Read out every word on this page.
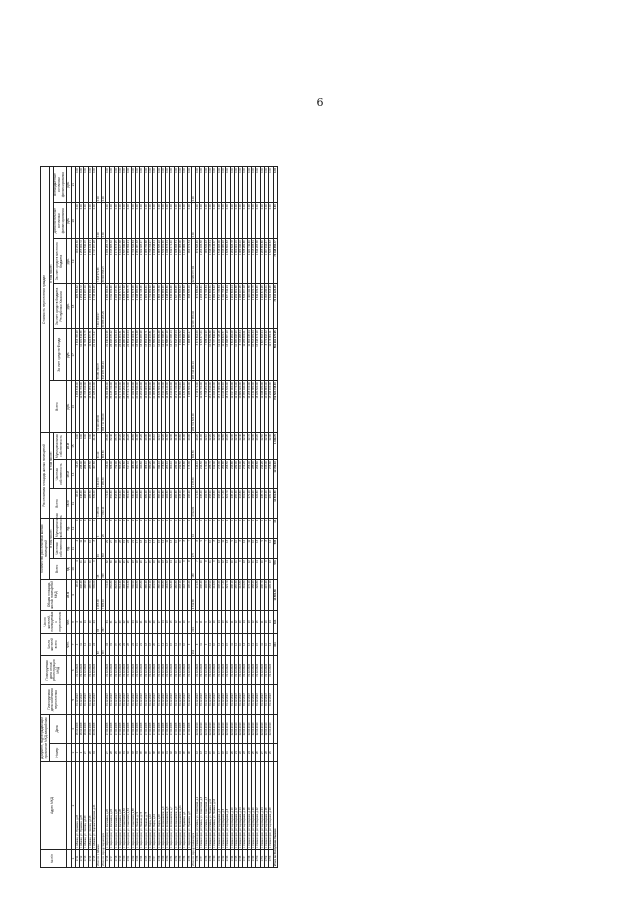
6
№ п/п	Адрес МКД	Документ, подтверждающий признание МКД аварийным		Планируемая дата окончания переселения	Планируемая дата сноса/ реконструкции МКД	Число жителей всего	Число жителей, планируемых к переселению	Общая площадь жилых помещений МКД	Количество расселяемых жилых помещений			Расселяемая площадь жилых помещений			Стоимость переселения граждан					
		Номер	Дата						Всего	в том числе:		Всего	в том числе:		Всего	в том числе:				
										Частная собственность	Муниципальная собственность		Частная собственность	Муниципальная собственность		За счет средств Фонда	За счет средств бюджета Республики Хакасия	За счет средств местного бюджета	Дополнительные источники финансирования	Внебюджетные источники финансирования
						чел.	чел.	кв.м	ед.	ед.	ед.	кв.м	кв.м	кв.м	руб.	руб.	руб.	руб.	руб.	руб.
1	2	3	4	5	6	7	8	9	10	11	12	13	14	15	16	17	18	19	20	21
1711	г. Абакан, ул. Пушкина, д.23	1	16.12.2008	31.12.2023	31.12.2024	4	4	96.20	4	4	0	96.20	96.20	0.00	4 896 618.00	3 916 765.28	489 593.42	490 259.30	0.00	0.00
1712	г. Абакан, ул. Пушкина, д.25	2	16.12.2008	31.12.2023	31.12.2024	11	11	246.40	11	11	0	246.40	246.40	0.00	12 541 760.00	10 031 844.56	1 254 014.72	1 255 900.72	0.00	0.00
1713	г. Абакан, ул. Чехова, д.123	27	16.02.2006	31.12.2023	31.12.2024	14	14	288.90	11	11	0	288.90	288.90	0.00	14 705 010.00	11 763 172.75	1 470 297.10	1 471 540.15	0.00	0.00
1714	г. Абакан, ул. Чехова, д.125	28	16.02.2006	31.12.2023	31.12.2024	10	10	285.50	10	10	0	285.50	285.50	0.00	14 531 950.00	11 624 837.51	1 452 990.28	1 454 122.21	0.00	0.00
1715	г. Абакан, ул. Маршала Жукова, д.21	34	20.09.2006	31.12.2023	31.12.2024	24	24	539.00	9	8	1	539.00	497.60	41.40	27 435 100.00	21 944 773.27	2 743 169.45	2 747 157.28	0.00	0.00
Итого по г. Абакан						63	63	1 455.90	45	44	1	1 455.90	1 414.50	41.40	74 110 438.00	59 281 393.37	7 410 064.97	7 418 979.66	0.00	0.00
Итого по городу Черногорск						367	367	7 833.10	345	316	29	7 833.10	7 169.30	663.80	398 711 790.00	318 935 588.44	39 866 205.29	39 909 996.27	0.00	0.00
1716	г. Черногорск, ул. Калинина, д.22	27	17.02.2006	31.12.2023	31.12.2024	34	34	772.20	32	29	3	772.20	706.40	65.80	39 304 980.00	31 440 621.96	3 930 094.31	3 934 263.73	0.00	0.00
1717	г. Черногорск, ул. Калинина, д.24	28	17.02.2006	31.12.2023	31.12.2024	31	31	650.80	30	27	3	650.80	588.40	62.40	33 125 720.00	26 498 035.22	3 311 999.46	3 315 685.32	0.00	0.00
1718	г. Черногорск, ул. Калинина, д.26	29	17.02.2006	31.12.2023	31.12.2024	37	37	818.60	36	33	3	818.60	752.90	65.70	41 666 740.00	33 329 919.44	4 166 147.31	4 170 673.25	0.00	0.00
1719	г. Черногорск, ул. Калинина, д.28	30	17.02.2006	31.12.2023	31.12.2024	29	29	612.40	28	26	2	612.40	563.20	49.20	31 171 160.00	24 934 461.31	3 116 571.31	3 120 127.38	0.00	0.00
1720	г. Черногорск, ул. Советская, д.52	31	17.02.2006	31.12.2023	31.12.2024	22	22	498.10	21	19	2	498.10	452.60	45.50	25 353 290.00	20 280 962.16	2 534 977.92	2 537 349.92	0.00	0.00
1721	г. Черногорск, ул. Советская, д.54	32	17.02.2006	31.12.2023	31.12.2024	26	26	561.30	25	23	2	561.30	517.10	44.20	28 570 170.00	22 854 212.04	2 856 565.75	2 859 392.21	0.00	0.00
1722	г. Черногорск, ул. Советская, д.56	33	17.02.2006	31.12.2023	31.12.2024	24	24	530.90	23	21	2	530.90	486.30	44.60	27 022 810.00	21 616 409.11	2 701 876.05	2 704 524.84	0.00	0.00
1723	г. Черногорск, ул. Ленина, д.71	34	17.02.2006	31.12.2023	31.12.2024	19	19	402.60	18	17	1	402.60	380.70	21.90	20 492 340.00	16 392 372.48	2 048 980.19	2 051 987.33	0.00	0.00
1724	г. Черногорск, ул. Ленина, д.73	35	17.02.2006	31.12.2023	31.12.2024	21	21	455.80	20	18	2	455.80	410.60	45.20	23 200 220.00	18 558 465.98	2 319 728.05	2 322 025.97	0.00	0.00
1725	г. Черногорск, ул. Ленина, д.75	36	17.02.2006	31.12.2023	31.12.2024	18	18	389.40	17	16	1	389.40	366.10	23.30	19 820 460.00	15 854 904.71	1 981 804.41	1 983 750.88	0.00	0.00
1726	г. Черногорск, ул. Мира, д.12	37	17.02.2006	31.12.2023	31.12.2024	16	16	352.10	15	14	1	352.10	330.20	21.90	17 921 890.00	14 336 215.81	1 791 969.92	1 793 704.27	0.00	0.00
1727	г. Черногорск, ул. Мира, д.14	38	17.02.2006	31.12.2023	31.12.2024	20	20	431.50	19	17	2	431.50	387.40	44.10	21 963 350.00	17 569 001.73	2 196 129.86	2 198 218.41	0.00	0.00
1728	г. Черногорск, ул. Мира, д.16	39	17.02.2006	31.12.2023	31.12.2024	17	17	366.20	16	15	1	366.20	344.10	22.10	18 639 580.00	14 910 309.48	1 863 735.30	1 865 535.22	0.00	0.00
1729	г. Черногорск, ул. Космонавтов, д.3	40	17.02.2006	31.12.2023	31.12.2024	14	14	300.80	13	12	1	300.80	278.60	22.20	15 310 720.00	12 247 588.65	1 530 969.45	1 532 161.90	0.00	0.00
1730	г. Черногорск, ул. Космонавтов, д.5	41	17.02.2006	31.12.2023	31.12.2024	13	13	284.60	12	11	1	284.60	263.10	21.50	14 486 140.00	11 588 007.19	1 448 456.80	1 449 676.01	0.00	0.00
1731	г. Черногорск, ул. Космонавтов, д.7	42	17.02.2006	31.12.2023	31.12.2024	15	15	322.40	14	13	1	322.40	300.10	22.30	16 410 160.00	13 127 086.14	1 640 902.46	1 642 171.40	0.00	0.00
1732	г. Черногорск, ул. Космонавтов, д.9	43	17.02.2006	31.12.2023	31.12.2024	12	12	260.80	11	10	1	260.80	239.40	21.40	13 274 720.00	10 618 958.04	1 327 363.45	1 328 398.51	0.00	0.00
1733	г. Черногорск, ул. Космонавтов, д.11	44	17.02.2006	31.12.2023	31.12.2024	11	11	233.10	10	9	1	233.10	212.50	20.60	11 864 790.00	9 491 119.52	1 186 305.42	1 187 365.06	0.00	0.00
1734	г. Черногорск, ул. Пушкина, д.1	45	17.02.2006	31.12.2023	31.12.2024	10	10	218.70	9	8	1	218.70	196.80	21.90	11 131 830.00	8 904 808.44	1 113 036.83	1 113 984.73	0.00	0.00
1735	г. Черногорск, ул. Пушкина, д.3	46	17.02.2006	31.12.2023	31.12.2024	9	9	196.20	8	7	1	196.20	175.30	20.90	9 986 580.00	7 988 665.27	998 535.19	999 379.54	0.00	0.00
Итого по городу Саяногорск						214	214	4 512.80	189	175	14	4 512.80	4 178.30	334.50	229 701 520.00	183 744 289.14	22 967 853.02	22 989 377.84	0.00	0.00
1736	г. Саяногорск, рп Майна, ул. Советская, д.1	12	22.04.2010	31.12.2023	31.12.2024	8	8	171.30	7	6	1	171.30	148.10	23.20	8 719 170.00	6 974 814.09	871 830.42	872 525.49	0.00	0.00
1737	г. Саяногорск, рп Майна, ул. Советская, д.3	13	22.04.2010	31.12.2023	31.12.2024	11	11	236.40	10	9	1	236.40	214.50	21.90	12 032 760.00	9 625 477.01	1 203 098.41	1 204 184.58	0.00	0.00
1738	г. Саяногорск, рп Майна, ул. Советская, д.5	14	22.04.2010	31.12.2023	31.12.2024	9	9	192.50	8	7	1	192.50	170.40	22.10	9 798 250.00	7 838 011.93	979 703.64	980 534.43	0.00	0.00
1739	г. Саяногорск, рп Майна, ул. Ленина, д.12	15	22.04.2010	31.12.2023	31.12.2024	12	12	258.90	11	10	1	258.90	236.70	22.20	13 178 010.00	10 541 589.38	1 317 695.31	1 318 725.31	0.00	0.00
1740	г. Саяногорск, рп Майна, ул. Ленина, д.14	16	22.04.2010	31.12.2023	31.12.2024	10	10	214.60	9	8	1	214.60	192.40	22.20	10 923 140.00	8 737 842.20	1 092 178.43	1 093 119.37	0.00	0.00
1741	г. Саяногорск, рп Черёмушки, д.4	17	22.04.2010	31.12.2023	31.12.2024	14	14	298.20	13	12	1	298.20	275.30	22.90	15 178 380.00	12 141 726.16	1 517 730.84	1 518 923.00	0.00	0.00
1742	г. Саяногорск, рп Черёмушки, д.6	18	22.04.2010	31.12.2023	31.12.2024	13	13	277.40	12	11	1	277.40	254.80	22.60	14 119 660.00	11 294 821.57	1 411 758.21	1 413 080.22	0.00	0.00
1743	г. Саяногорск, рп Черёмушки, д.8	19	22.04.2010	31.12.2023	31.12.2024	15	15	321.70	14	13	1	321.70	298.50	23.20	16 374 530.00	13 098 587.13	1 637 342.24	1 638 600.63	0.00	0.00
1744	г. Саяногорск, рп Черёмушки, д.10	20	22.04.2010	31.12.2023	31.12.2024	11	11	236.10	10	9	1	236.10	213.80	22.30	12 017 490.00	9 613 262.08	1 201 604.14	1 202 623.78	0.00	0.00
1745	г. Саяногорск, рп Черёмушки, д.12	21	22.04.2010	31.12.2023	31.12.2024	12	12	255.30	11	10	1	255.30	232.90	22.40	12 994 770.00	10 395 006.93	1 299 361.88	1 300 401.19	0.00	0.00
1746	г. Саяногорск, рп Черёмушки, д.14	22	22.04.2010	31.12.2023	31.12.2024	10	10	213.80	9	8	1	213.80	191.40	22.40	10 882 420.00	8 705 268.64	1 088 107.26	1 089 044.10	0.00	0.00
1747	г. Саяногорск, рп Черёмушки, д.16	23	22.04.2010	31.12.2023	31.12.2024	14	14	301.60	13	12	1	301.60	279.20	22.40	15 351 440.00	12 280 160.11	1 534 997.03	1 536 282.86	0.00	0.00
1748	г. Саяногорск, рп Черёмушки, д.18	24	22.04.2010	31.12.2023	31.12.2024	13	13	279.10	12	11	1	279.10	256.40	22.70	14 206 190.00	11 364 036.04	1 420 411.56	1 421 742.40	0.00	0.00
1749	г. Саяногорск, рп Черёмушки, д.20	25	22.04.2010	31.12.2023	31.12.2024	12	12	258.20	11	10	1	258.20	235.90	22.30	13 142 380.00	10 513 081.44	1 314 131.75	1 315 166.81	0.00	0.00
1750	г. Саяногорск, рп Черёмушки, д.22	26	22.04.2010	31.12.2023	31.12.2024	15	15	322.80	14	13	1	322.80	299.60	23.20	16 430 520.00	13 143 374.19	1 642 939.45	1 644 206.36	0.00	0.00
1751	г. Саяногорск, рп Черёмушки, д.24	27	22.04.2010	31.12.2023	31.12.2024	11	11	236.70	10	9	1	236.70	214.20	22.50	12 048 030.00	9 637 693.94	1 204 674.26	1 205 661.80	0.00	0.00
1752	г. Саяногорск, рп Черёмушки, д.26	28	22.04.2010	31.12.2023	31.12.2024	10	10	215.40	9	8	1	215.40	193.00	22.40	10 963 860.00	8 770 416.42	1 096 249.11	1 097 194.47	0.00	0.00
1753	г. Саяногорск, рп Черёмушки, д.28	29	22.04.2010	31.12.2023	31.12.2024	14	14	299.10	13	12	1	299.10	276.80	22.30	15 224 190.00	12 178 361.11	1 522 318.26	1 523 510.63	0.00	0.00
Итого по Республике Хакасия						644	644	13 801.80	579	535	44	13 801.80	12 762.10	1 039.70	702 523 748.00	561 961 270.95	70 244 123.28	70 318 353.77	0.00	0.00
